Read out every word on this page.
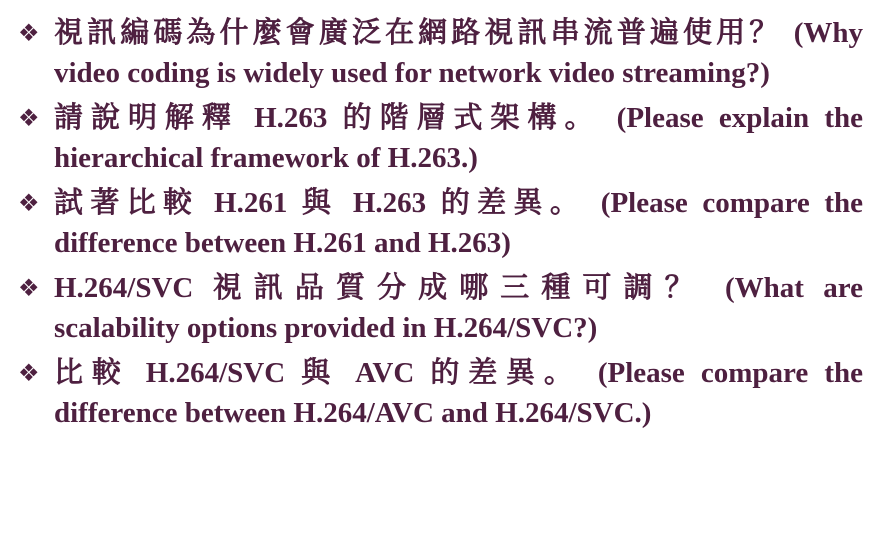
❖ 視訊編碼為什麼會廣泛在網路視訊串流普遍使用？ (Why
video coding is widely used for network video streaming?)
❖ 請說明解釋 H.263 的階層式架構。 (Please explain the
hierarchical framework of H.263.)
❖ 試著比較 H.261 與 H.263 的差異。 (Please compare the
difference between H.261 and H.263)
❖ H.264/SVC 視訊品質分成哪三種可調？ (What are
scalability options provided in H.264/SVC?)
❖ 比較 H.264/SVC 與 AVC 的差異。 (Please compare the
difference between H.264/AVC and H.264/SVC.)
